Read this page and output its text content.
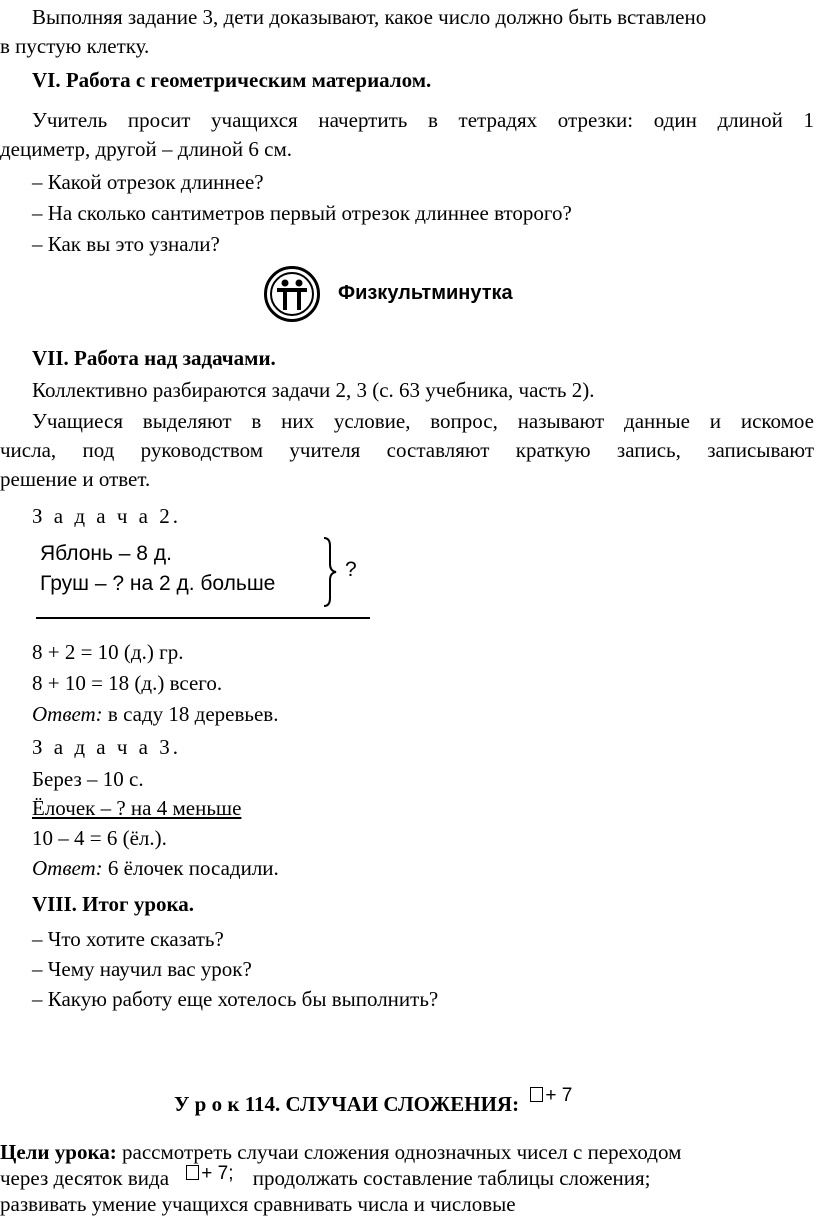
Выполняя задание 3, дети доказывают, какое число должно быть вставлено
в пустую клетку.
VI. Работа с геометрическим материалом.
Учитель просит учащихся начертить в тетрадях отрезки: один длиной 1
дециметр, другой – длиной 6 см.
– Какой отрезок длиннее?
– На сколько сантиметров первый отрезок длиннее второго?
– Как вы это узнали?
Физкультминутка
VII. Работа над задачами.
Коллективно разбираются задачи 2, 3 (с. 63 учебника, часть 2).
Учащиеся выделяют в них условие, вопрос, называют данные и искомое
числа, под руководством учителя составляют краткую запись, записывают
решение и ответ.
З а д а ч а 2.
Яблонь – 8 д.
Груш – ? на 2 д. больше
?
8 + 2 = 10 (д.) гр.
8 + 10 = 18 (д.) всего.
Ответ: в саду 18 деревьев.
З а д а ч а 3.
Берез – 10 с.
Ёлочек – ? на 4 меньше
10 – 4 = 6 (ёл.).
Ответ: 6 ёлочек посадили.
VIII. Итог урока.
– Что хотите сказать?
– Чему научил вас урок?
– Какую работу еще хотелось бы выполнить?
У р о к 114. СЛУЧАИ СЛОЖЕНИЯ: + 7
Цели урока: рассмотреть случаи сложения однозначных чисел с переходом
через десяток вида + 7; продолжать составление таблицы сложения;
развивать умение учащихся сравнивать числа и числовые
